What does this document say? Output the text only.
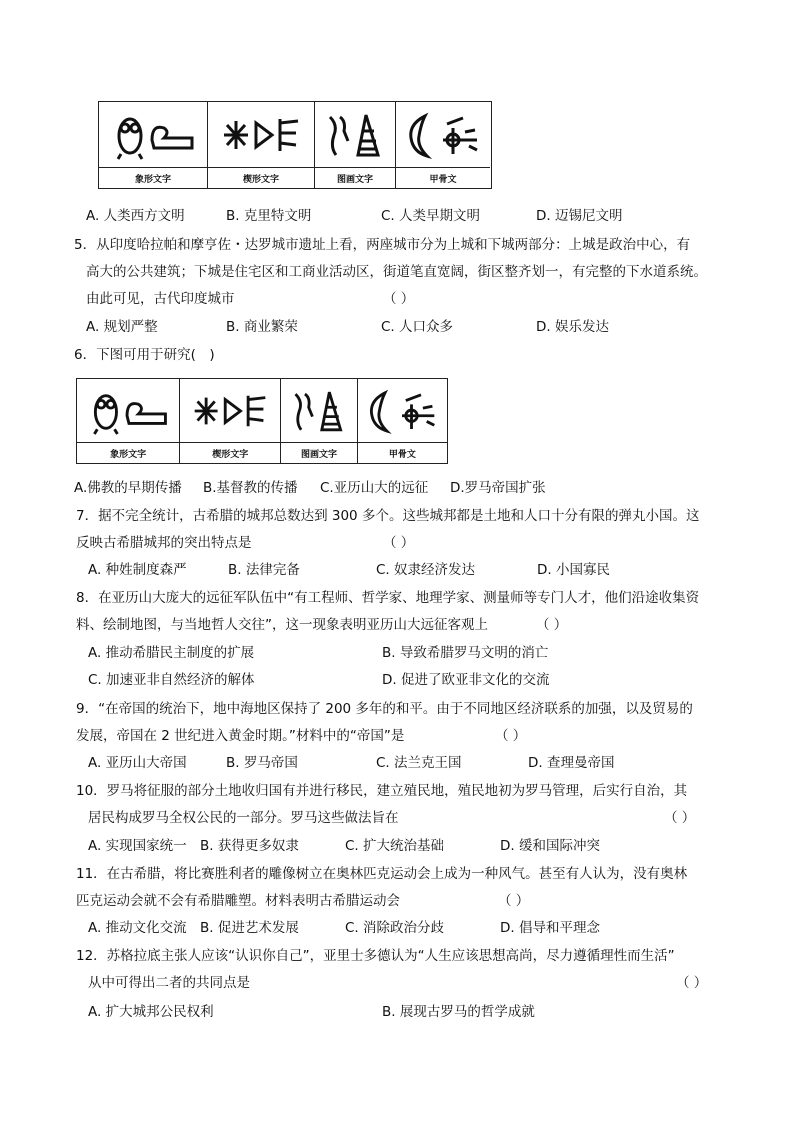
象形文字	楔形文字	图画文字	甲骨文
A. 人类西方文明	B. 克里特文明	C. 人类早期文明	D. 迈锡尼文明
5．从印度哈拉帕和摩亨佐・达罗城市遗址上看，两座城市分为上城和下城两部分：上城是政治中心，有
高大的公共建筑；下城是住宅区和工商业活动区，街道笔直宽阔，街区整齐划一，有完整的下水道系统。
由此可见，古代印度城市	（ ）
A. 规划严整	B. 商业繁荣	C. 人口众多	D. 娱乐发达
6．下图可用于研究(　)
象形文字	楔形文字	图画文字	甲骨文
A.佛教的早期传播 B.基督教的传播 C.亚历山大的远征 D.罗马帝国扩张
7．据不完全统计，古希腊的城邦总数达到 300 多个。这些城邦都是土地和人口十分有限的弹丸小国。这
反映古希腊城邦的突出特点是	（ ）
A. 种姓制度森严	B. 法律完备	C. 奴隶经济发达	D. 小国寡民
8．在亚历山大庞大的远征军队伍中“有工程师、哲学家、地理学家、测量师等专门人才，他们沿途收集资
料、绘制地图，与当地哲人交往”，这一现象表明亚历山大远征客观上	（ ）
A. 推动希腊民主制度的扩展	B. 导致希腊罗马文明的消亡
C. 加速亚非自然经济的解体	D. 促进了欧亚非文化的交流
9．“在帝国的统治下，地中海地区保持了 200 多年的和平。由于不同地区经济联系的加强，以及贸易的
发展，帝国在 2 世纪进入黄金时期。”材料中的“帝国”是	（ ）
A. 亚历山大帝国	B. 罗马帝国	C. 法兰克王国	D. 查理曼帝国
10．罗马将征服的部分土地收归国有并进行移民，建立殖民地，殖民地初为罗马管理，后实行自治，其
居民构成罗马全权公民的一部分。罗马这些做法旨在	（ ）
A. 实现国家统一 B. 获得更多奴隶	C. 扩大统治基础	D. 缓和国际冲突
11．在古希腊，将比赛胜利者的雕像树立在奥林匹克运动会上成为一种风气。甚至有人认为，没有奥林
匹克运动会就不会有希腊雕塑。材料表明古希腊运动会	（ ）
A. 推动文化交流 B. 促进艺术发展	C. 消除政治分歧	D. 倡导和平理念
12．苏格拉底主张人应该“认识你自己”，亚里士多德认为“人生应该思想高尚，尽力遵循理性而生活”
从中可得出二者的共同点是	（ ）
A. 扩大城邦公民权利	B. 展现古罗马的哲学成就
